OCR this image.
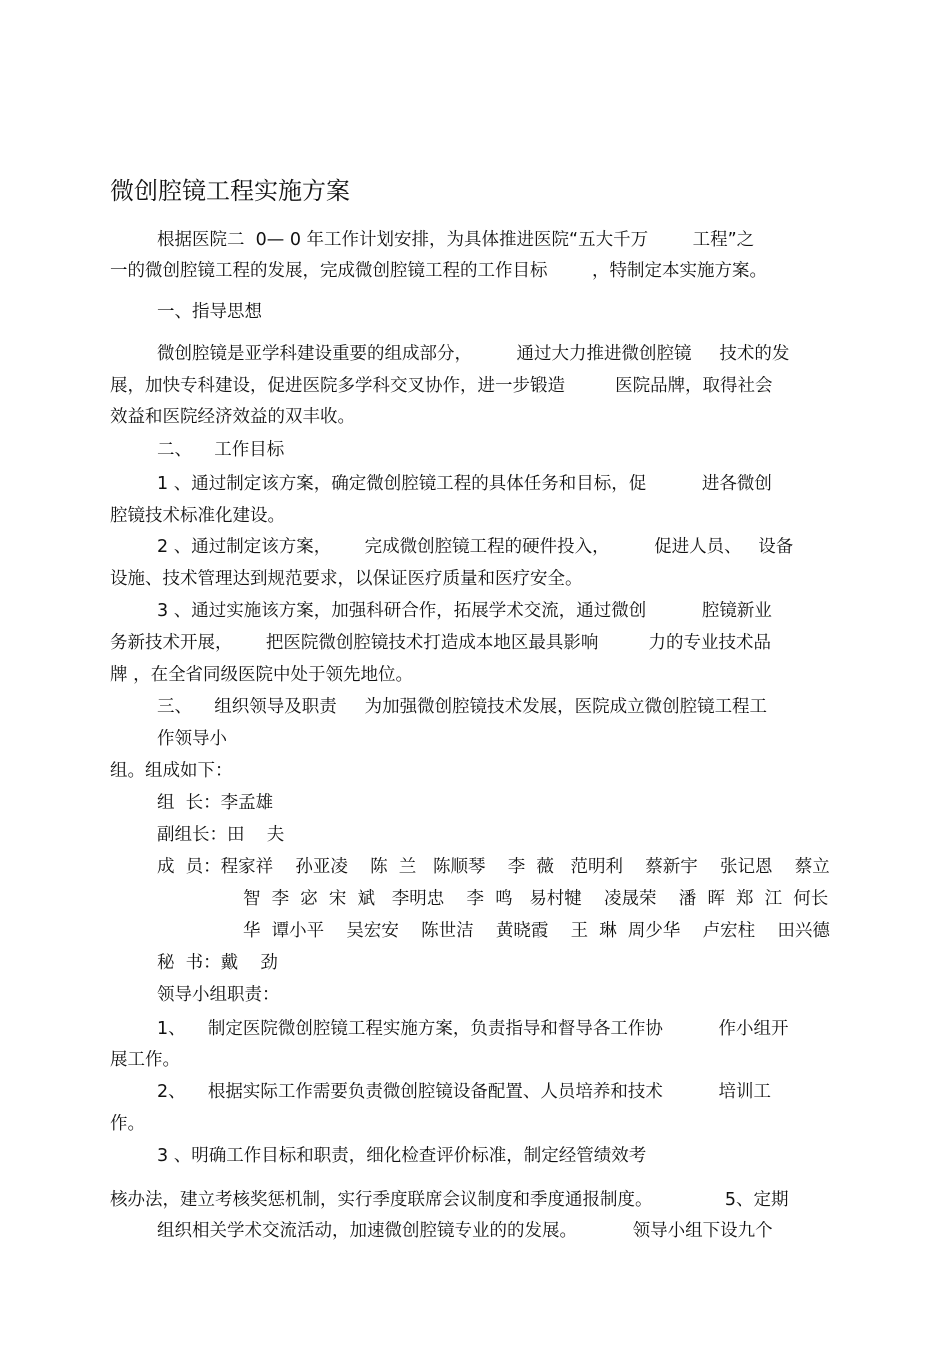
微创腔镜工程实施方案
根据医院二  0— 0 年工作计划安排，为具体推进医院“五大千万        工程”之
一的微创腔镜工程的发展，完成微创腔镜工程的工作目标        ，特制定本实施方案。
一、指导思想
微创腔镜是亚学科建设重要的组成部分，        通过大力推进微创腔镜     技术的发
展，加快专科建设，促进医院多学科交叉协作，进一步锻造         医院品牌，取得社会
效益和医院经济效益的双丰收。
二、    工作目标
1 、通过制定该方案，确定微创腔镜工程的具体任务和目标，促          进各微创
腔镜技术标准化建设。
2 、通过制定该方案，      完成微创腔镜工程的硬件投入，        促进人员、   设备
设施、技术管理达到规范要求，以保证医疗质量和医疗安全。
3 、通过实施该方案，加强科研合作，拓展学术交流，通过微创          腔镜新业
务新技术开展，      把医院微创腔镜技术打造成本地区最具影响         力的专业技术品
牌 ，在全省同级医院中处于领先地位。
三、    组织领导及职责     为加强微创腔镜技术发展，医院成立微创腔镜工程工
作领导小
组。组成如下：
组  长：李孟雄
副组长：田    夫
成  员：程家祥    孙亚凌    陈  兰   陈顺琴    李  薇   范明利    蔡新宇    张记恩    蔡立
智  李  宓  宋  斌   李明忠    李  鸣   易村犍    凌晟荣    潘  晖  郑  江  何长
华  谭小平    吴宏安    陈世洁    黄晓霞    王  琳  周少华    卢宏柱    田兴德
秘  书：戴    劲
领导小组职责：
1、    制定医院微创腔镜工程实施方案，负责指导和督导各工作协          作小组开
展工作。
2、    根据实际工作需要负责微创腔镜设备配置、人员培养和技术          培训工
作。
3 、明确工作目标和职责，细化检查评价标准，制定经管绩效考
核办法，建立考核奖惩机制，实行季度联席会议制度和季度通报制度。             5、定期
组织相关学术交流活动，加速微创腔镜专业的的发展。          领导小组下设九个
